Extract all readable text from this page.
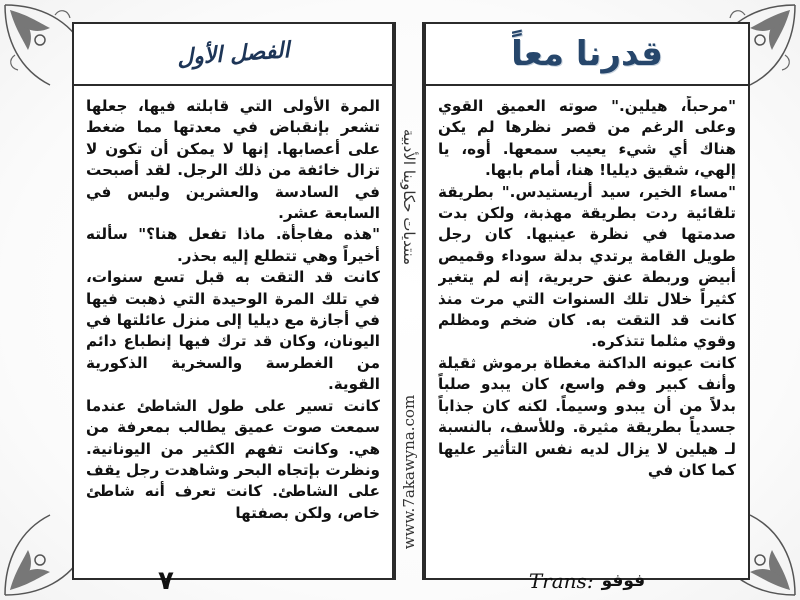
الفصل الأول

المرة الأولى التي قابلته فيها، جعلها تشعر بإنقباض في معدتها مما ضغط على أعصابها. إنها لا يمكن أن تكون لا تزال خائفة من ذلك الرجل. لقد أصبحت في السادسة والعشرين وليس في السابعة عشر.

"هذه مفاجأة. ماذا تفعل هنا؟" سألته أخيراً وهي تتطلع إليه بحذر.

كانت قد التقت به قبل تسع سنوات، في تلك المرة الوحيدة التي ذهبت فيها في أجازة مع ديليا إلى منزل عائلتها في اليونان، وكان قد ترك فيها إنطباع دائم من الغطرسة والسخرية الذكورية القوية.

كانت تسير على طول الشاطئ عندما سمعت صوت عميق يطالب بمعرفة من هي. وكانت تفهم الكثير من اليونانية. ونظرت بإتجاه البحر وشاهدت رجل يقف على الشاطئ. كانت تعرف أنه شاطئ خاص، ولكن بصفتها

منتديات حكاوينا الأدبية
www.7akawyna.com
قدرنا معاً

"مرحباً، هيلين." صوته العميق القوي وعلى الرغم من قصر نظرها لم يكن هناك أي شيء يعيب سمعها. أوه، يا إلهي، شقيق ديليا! هنا، أمام بابها.

"مساء الخير، سيد أريستيدس." بطريقة تلقائية ردت بطريقة مهذبة، ولكن بدت صدمتها في نظرة عينيها. كان رجل طويل القامة يرتدي بدلة سوداء وقميص أبيض وربطة عنق حريرية، إنه لم يتغير كثيراً خلال تلك السنوات التي مرت منذ كانت قد التقت به. كان ضخم ومظلم وقوي مثلما تتذكره.

كانت عيونه الداكنة مغطاة برموش ثقيلة وأنف كبير وفم واسع، كان يبدو صلباً بدلاً من أن يبدو وسيماً. لكنه كان جذاباً جسدياً بطريقة مثيرة. وللأسف، بالنسبة لـ هيلين لا يزال لديه نفس التأثير عليها كما كان في

٧	Trans: فوفو
